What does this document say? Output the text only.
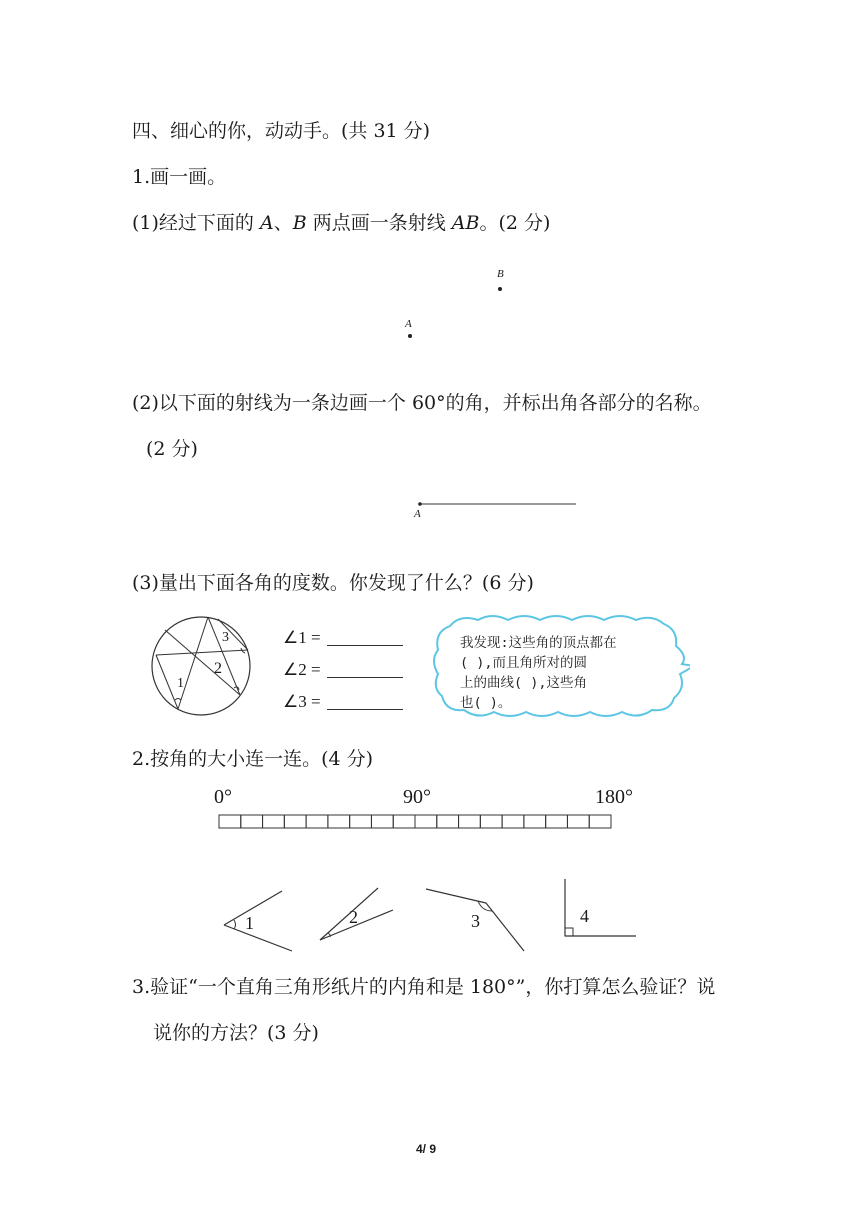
四、细心的你，动动手。(共 31 分)
1.画一画。
(1)经过下面的 A、B 两点画一条射线 AB。(2 分)
B
A
(2)以下面的射线为一条边画一个 60°的角，并标出角各部分的名称。
(2 分)
A
(3)量出下面各角的度数。你发现了什么？(6 分)
1
2
3	∠1 =
∠2 =
∠3 =
我发现:这些角的顶点都在
( ),而且角所对的圆
上的曲线( ),这些角
也( )。
2.按角的大小连一连。(4 分)
0°	90°	180°
1	2	3	4
3.验证“一个直角三角形纸片的内角和是 180°”，你打算怎么验证？说
说你的方法？(3 分)
4/ 9
